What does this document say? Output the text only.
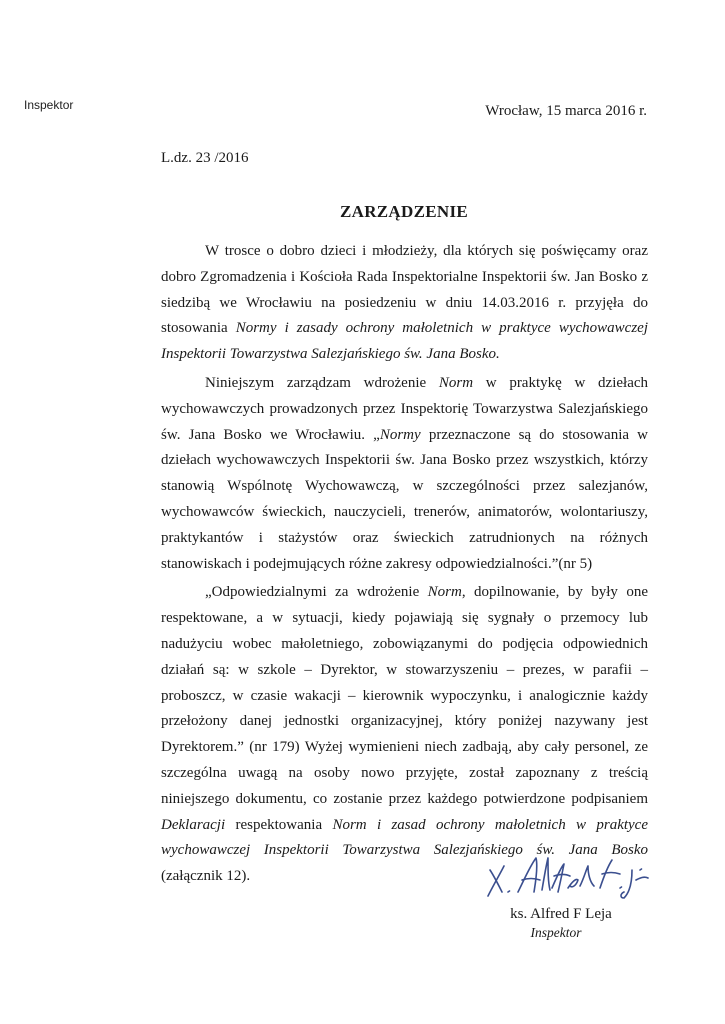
Inspektor	Wrocław, 15 marca 2016 r.
L.dz. 23 /2016
ZARZĄDZENIE

W trosce o dobro dzieci i młodzieży, dla których się poświęcamy oraz dobro Zgromadzenia i Kościoła Rada Inspektorialne Inspektorii św. Jan Bosko z siedzibą we Wrocławiu na posiedzeniu w dniu 14.03.2016 r. przyjęła do stosowania Normy i zasady ochrony małoletnich w praktyce wychowawczej Inspektorii Towarzystwa Salezjańskiego św. Jana Bosko.

Niniejszym zarządzam wdrożenie Norm w praktykę w dziełach wychowawczych prowadzonych przez Inspektorię Towarzystwa Salezjańskiego św. Jana Bosko we Wrocławiu. „Normy przeznaczone są do stosowania w dziełach wychowawczych Inspektorii św. Jana Bosko przez wszystkich, którzy stanowią Wspólnotę Wychowawczą, w szczególności przez salezjanów, wychowawców świeckich, nauczycieli, trenerów, animatorów, wolontariuszy, praktykantów i stażystów oraz świeckich zatrudnionych na różnych stanowiskach i podejmujących różne zakresy odpowiedzialności.”(nr 5)

„Odpowiedzialnymi za wdrożenie Norm, dopilnowanie, by były one respektowane, a w sytuacji, kiedy pojawiają się sygnały o przemocy lub nadużyciu wobec małoletniego, zobowiązanymi do podjęcia odpowiednich działań są: w szkole – Dyrektor, w stowarzyszeniu – prezes, w parafii – proboszcz, w czasie wakacji – kierownik wypoczynku, i analogicznie każdy przełożony danej jednostki organizacyjnej, który poniżej nazywany jest Dyrektorem.” (nr 179) Wyżej wymienieni niech zadbają, aby cały personel, ze szczególna uwagą na osoby nowo przyjęte, został zapoznany z treścią niniejszego dokumentu, co zostanie przez każdego potwierdzone podpisaniem Deklaracji respektowania Norm i zasad ochrony małoletnich w praktyce wychowawczej Inspektorii Towarzystwa Salezjańskiego św. Jana Bosko (załącznik 12).

ks. Alfred F Leja
Inspektor
